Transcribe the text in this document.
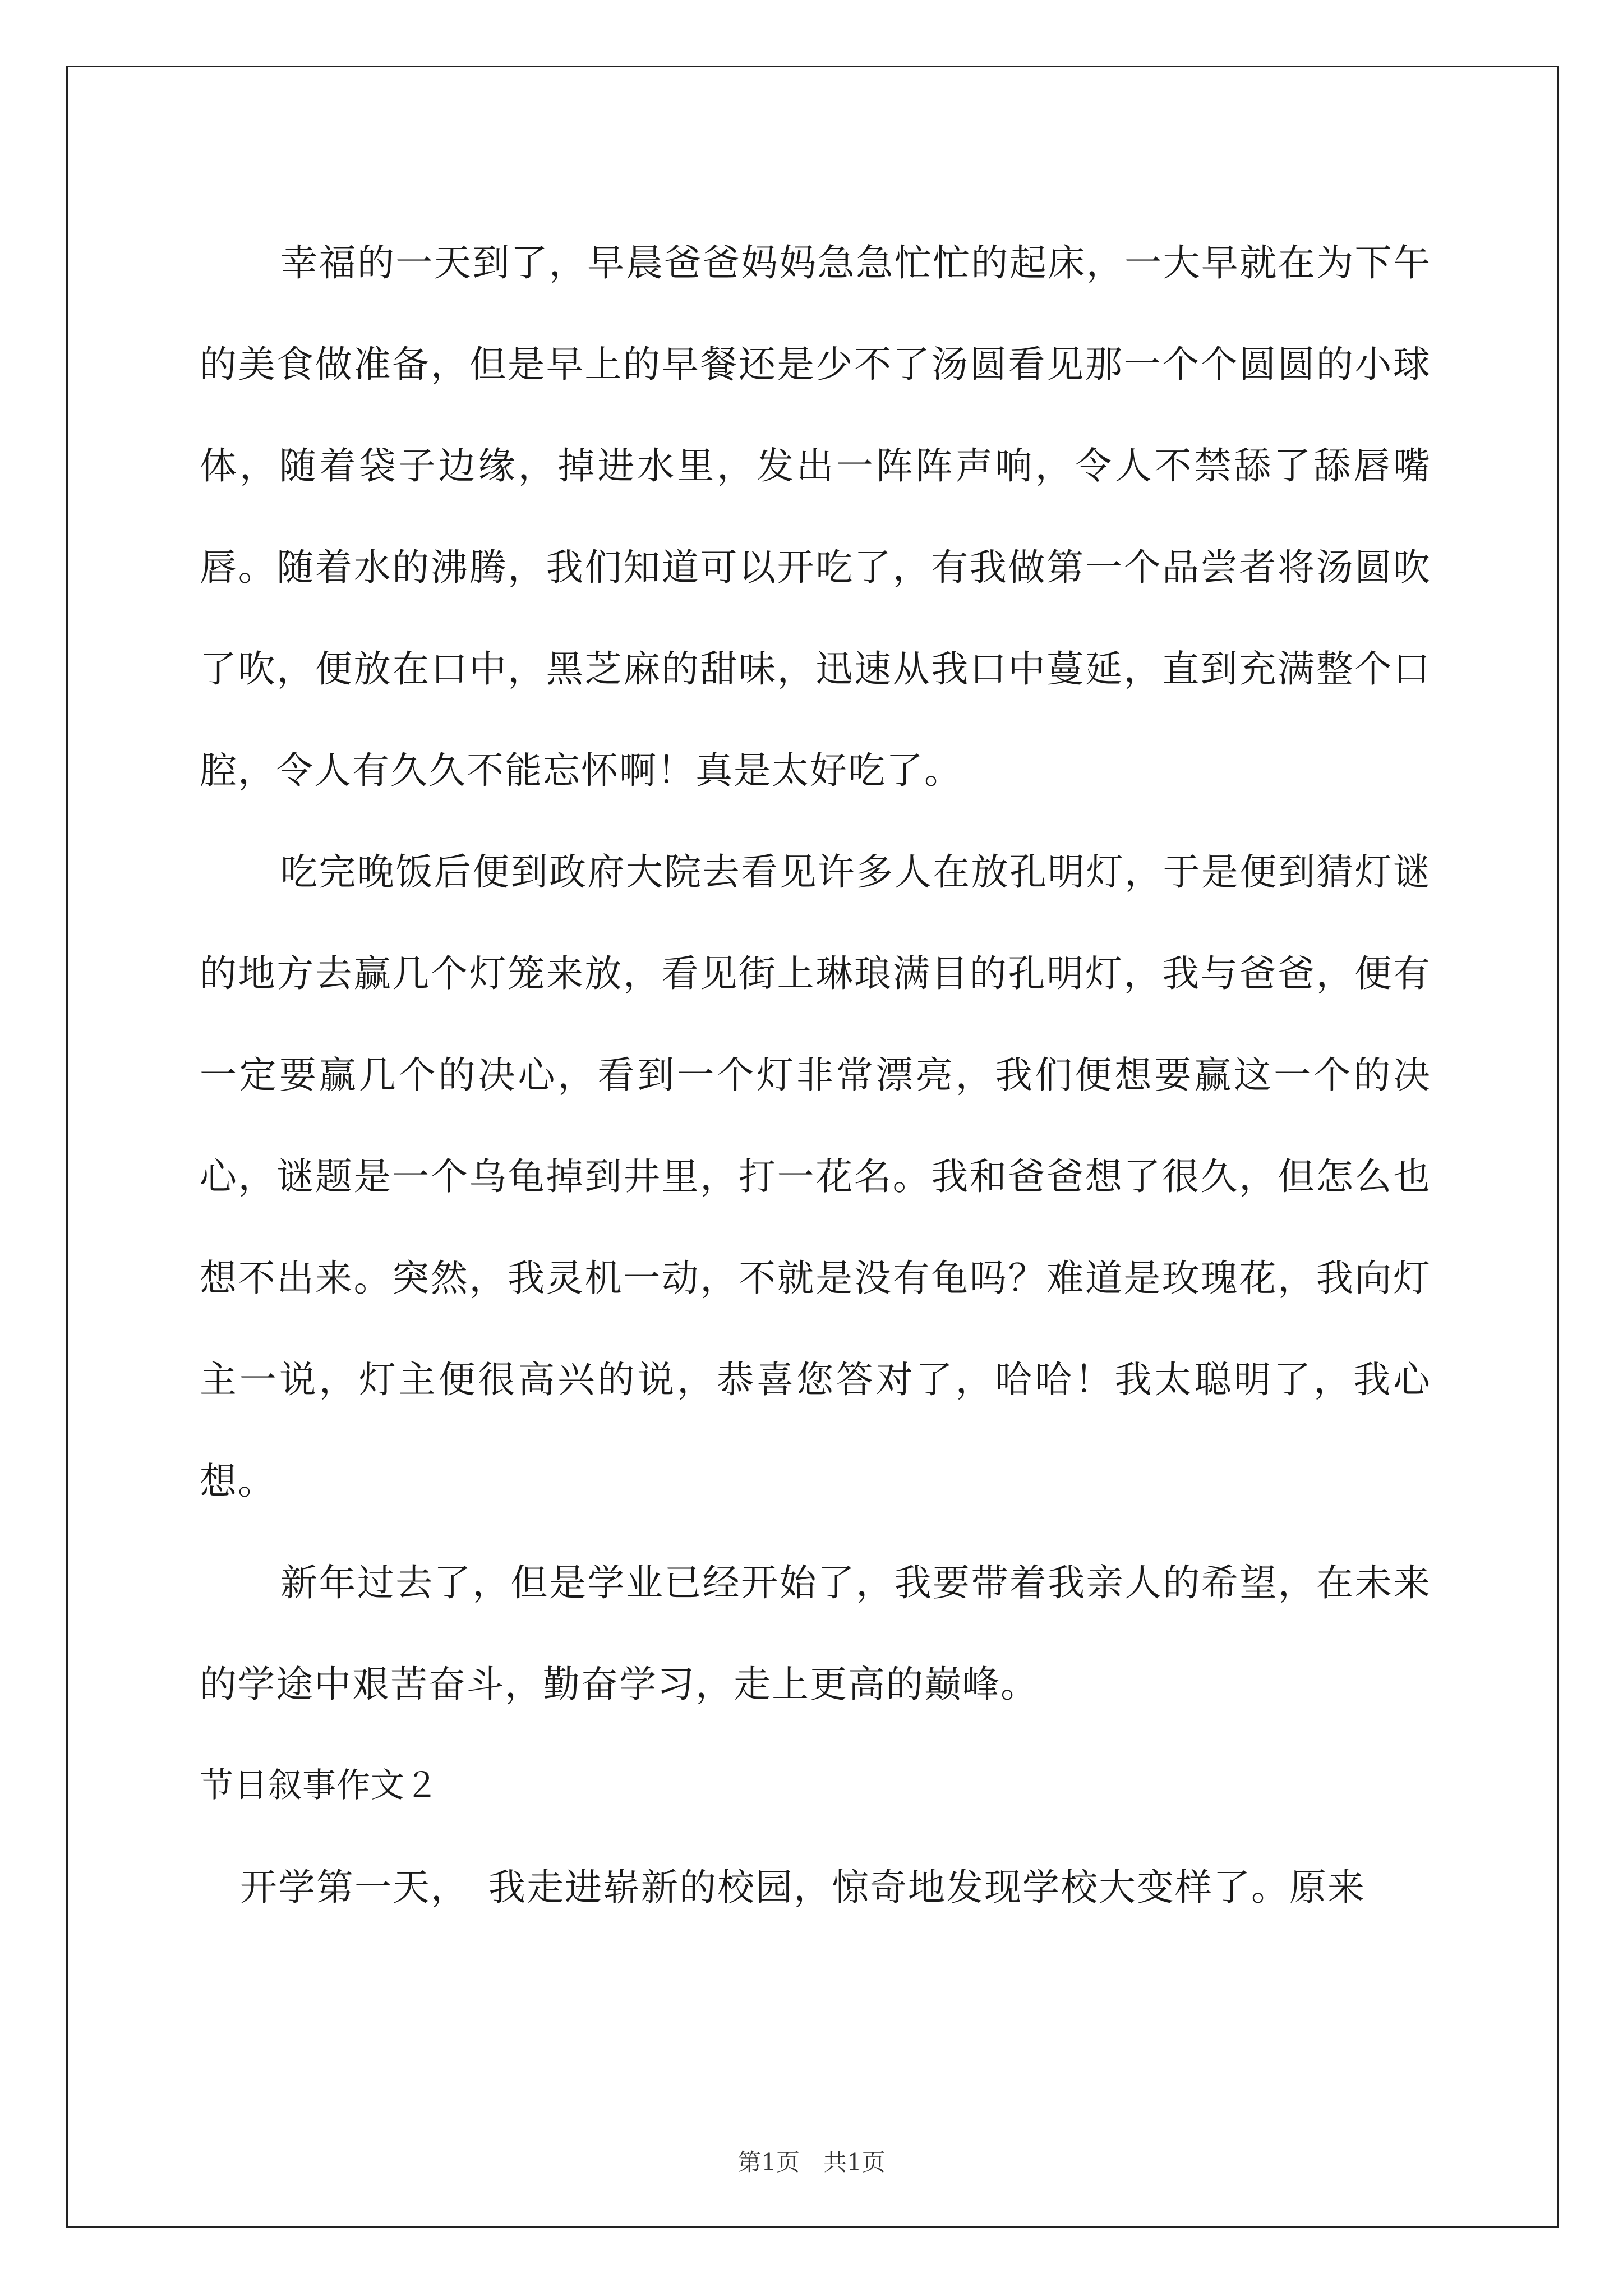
幸福的一天到了，早晨爸爸妈妈急急忙忙的起床，一大早就在为下午的美食做准备，但是早上的早餐还是少不了汤圆看见那一个个圆圆的小球体，随着袋子边缘，掉进水里，发出一阵阵声响，令人不禁舔了舔唇嘴唇。随着水的沸腾，我们知道可以开吃了，有我做第一个品尝者将汤圆吹了吹，便放在口中，黑芝麻的甜味，迅速从我口中蔓延，直到充满整个口腔，令人有久久不能忘怀啊！真是太好吃了。

吃完晚饭后便到政府大院去看见许多人在放孔明灯，于是便到猜灯谜的地方去赢几个灯笼来放，看见街上琳琅满目的孔明灯，我与爸爸，便有一定要赢几个的决心，看到一个灯非常漂亮，我们便想要赢这一个的决心，谜题是一个乌龟掉到井里，打一花名。我和爸爸想了很久，但怎么也想不出来。突然，我灵机一动，不就是没有龟吗？难道是玫瑰花，我向灯主一说，灯主便很高兴的说，恭喜您答对了，哈哈！我太聪明了，我心想。

新年过去了，但是学业已经开始了，我要带着我亲人的希望，在未来的学途中艰苦奋斗，勤奋学习，走上更高的巅峰。

节日叙事作文２

开学第一天，　我走进崭新的校园，惊奇地发现学校大变样了。原来

第1页　共1页
